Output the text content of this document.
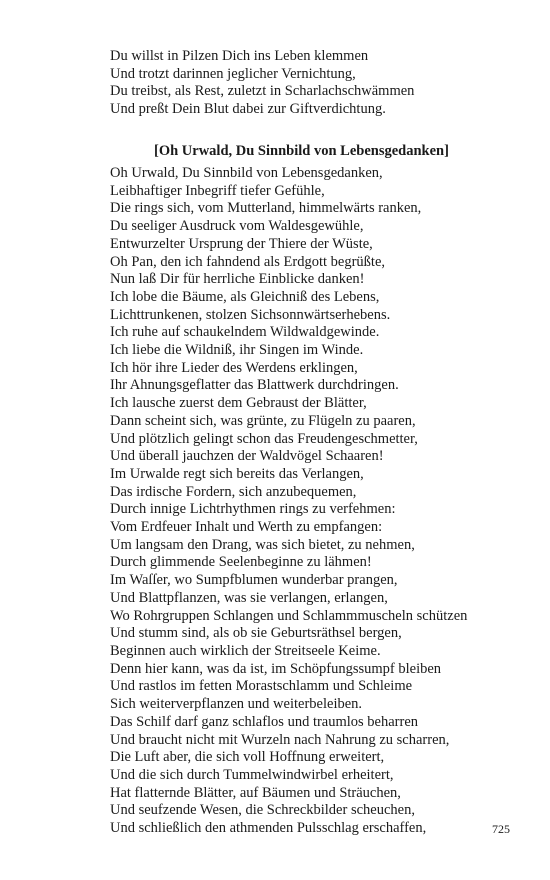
Du willst in Pilzen Dich ins Leben klemmen

Und trotzt darinnen jeglicher Vernichtung,

Du treibst, als Rest, zuletzt in Scharlachschwämmen

Und preßt Dein Blut dabei zur Giftverdichtung.

[Oh Urwald, Du Sinnbild von Lebensgedanken]

Oh Urwald, Du Sinnbild von Lebensgedanken,

Leibhaftiger Inbegriff tiefer Gefühle,

Die rings sich, vom Mutterland, himmelwärts ranken,

Du seeliger Ausdruck vom Waldesgewühle,

Entwurzelter Ursprung der Thiere der Wüste,

Oh Pan, den ich fahndend als Erdgott begrüßte,

Nun laß Dir für herrliche Einblicke danken!

Ich lobe die Bäume, als Gleichniß des Lebens,

Lichttrunkenen, stolzen Sichsonnwärtserhebens.

Ich ruhe auf schaukelndem Wildwaldgewinde.

Ich liebe die Wildniß, ihr Singen im Winde.

Ich hör ihre Lieder des Werdens erklingen,

Ihr Ahnungsgeflatter das Blattwerk durchdringen.

Ich lausche zuerst dem Gebraust der Blätter,

Dann scheint sich, was grünte, zu Flügeln zu paaren,

Und plötzlich gelingt schon das Freudengeschmetter,

Und überall jauchzen der Waldvögel Schaaren!

Im Urwalde regt sich bereits das Verlangen,

Das irdische Fordern, sich anzubequemen,

Durch innige Lichtrhythmen rings zu verfehmen:

Vom Erdfeuer Inhalt und Werth zu empfangen:

Um langsam den Drang, was sich bietet, zu nehmen,

Durch glimmende Seelenbeginne zu lähmen!

Im Waſſer, wo Sumpfblumen wunderbar prangen,

Und Blattpflanzen, was sie verlangen, erlangen,

Wo Rohrgruppen Schlangen und Schlammmuscheln schützen

Und stumm sind, als ob sie Geburtsräthsel bergen,

Beginnen auch wirklich der Streitseele Keime.

Denn hier kann, was da ist, im Schöpfungssumpf bleiben

Und rastlos im fetten Morastschlamm und Schleime

Sich weiterverpflanzen und weiterbeleiben.

Das Schilf darf ganz schlaflos und traumlos beharren

Und braucht nicht mit Wurzeln nach Nahrung zu scharren,

Die Luft aber, die sich voll Hoffnung erweitert,

Und die sich durch Tummelwindwirbel erheitert,

Hat flatternde Blätter, auf Bäumen und Sträuchen,

Und seufzende Wesen, die Schreckbilder scheuchen,

Und schließlich den athmenden Pulsschlag erschaffen,	725
